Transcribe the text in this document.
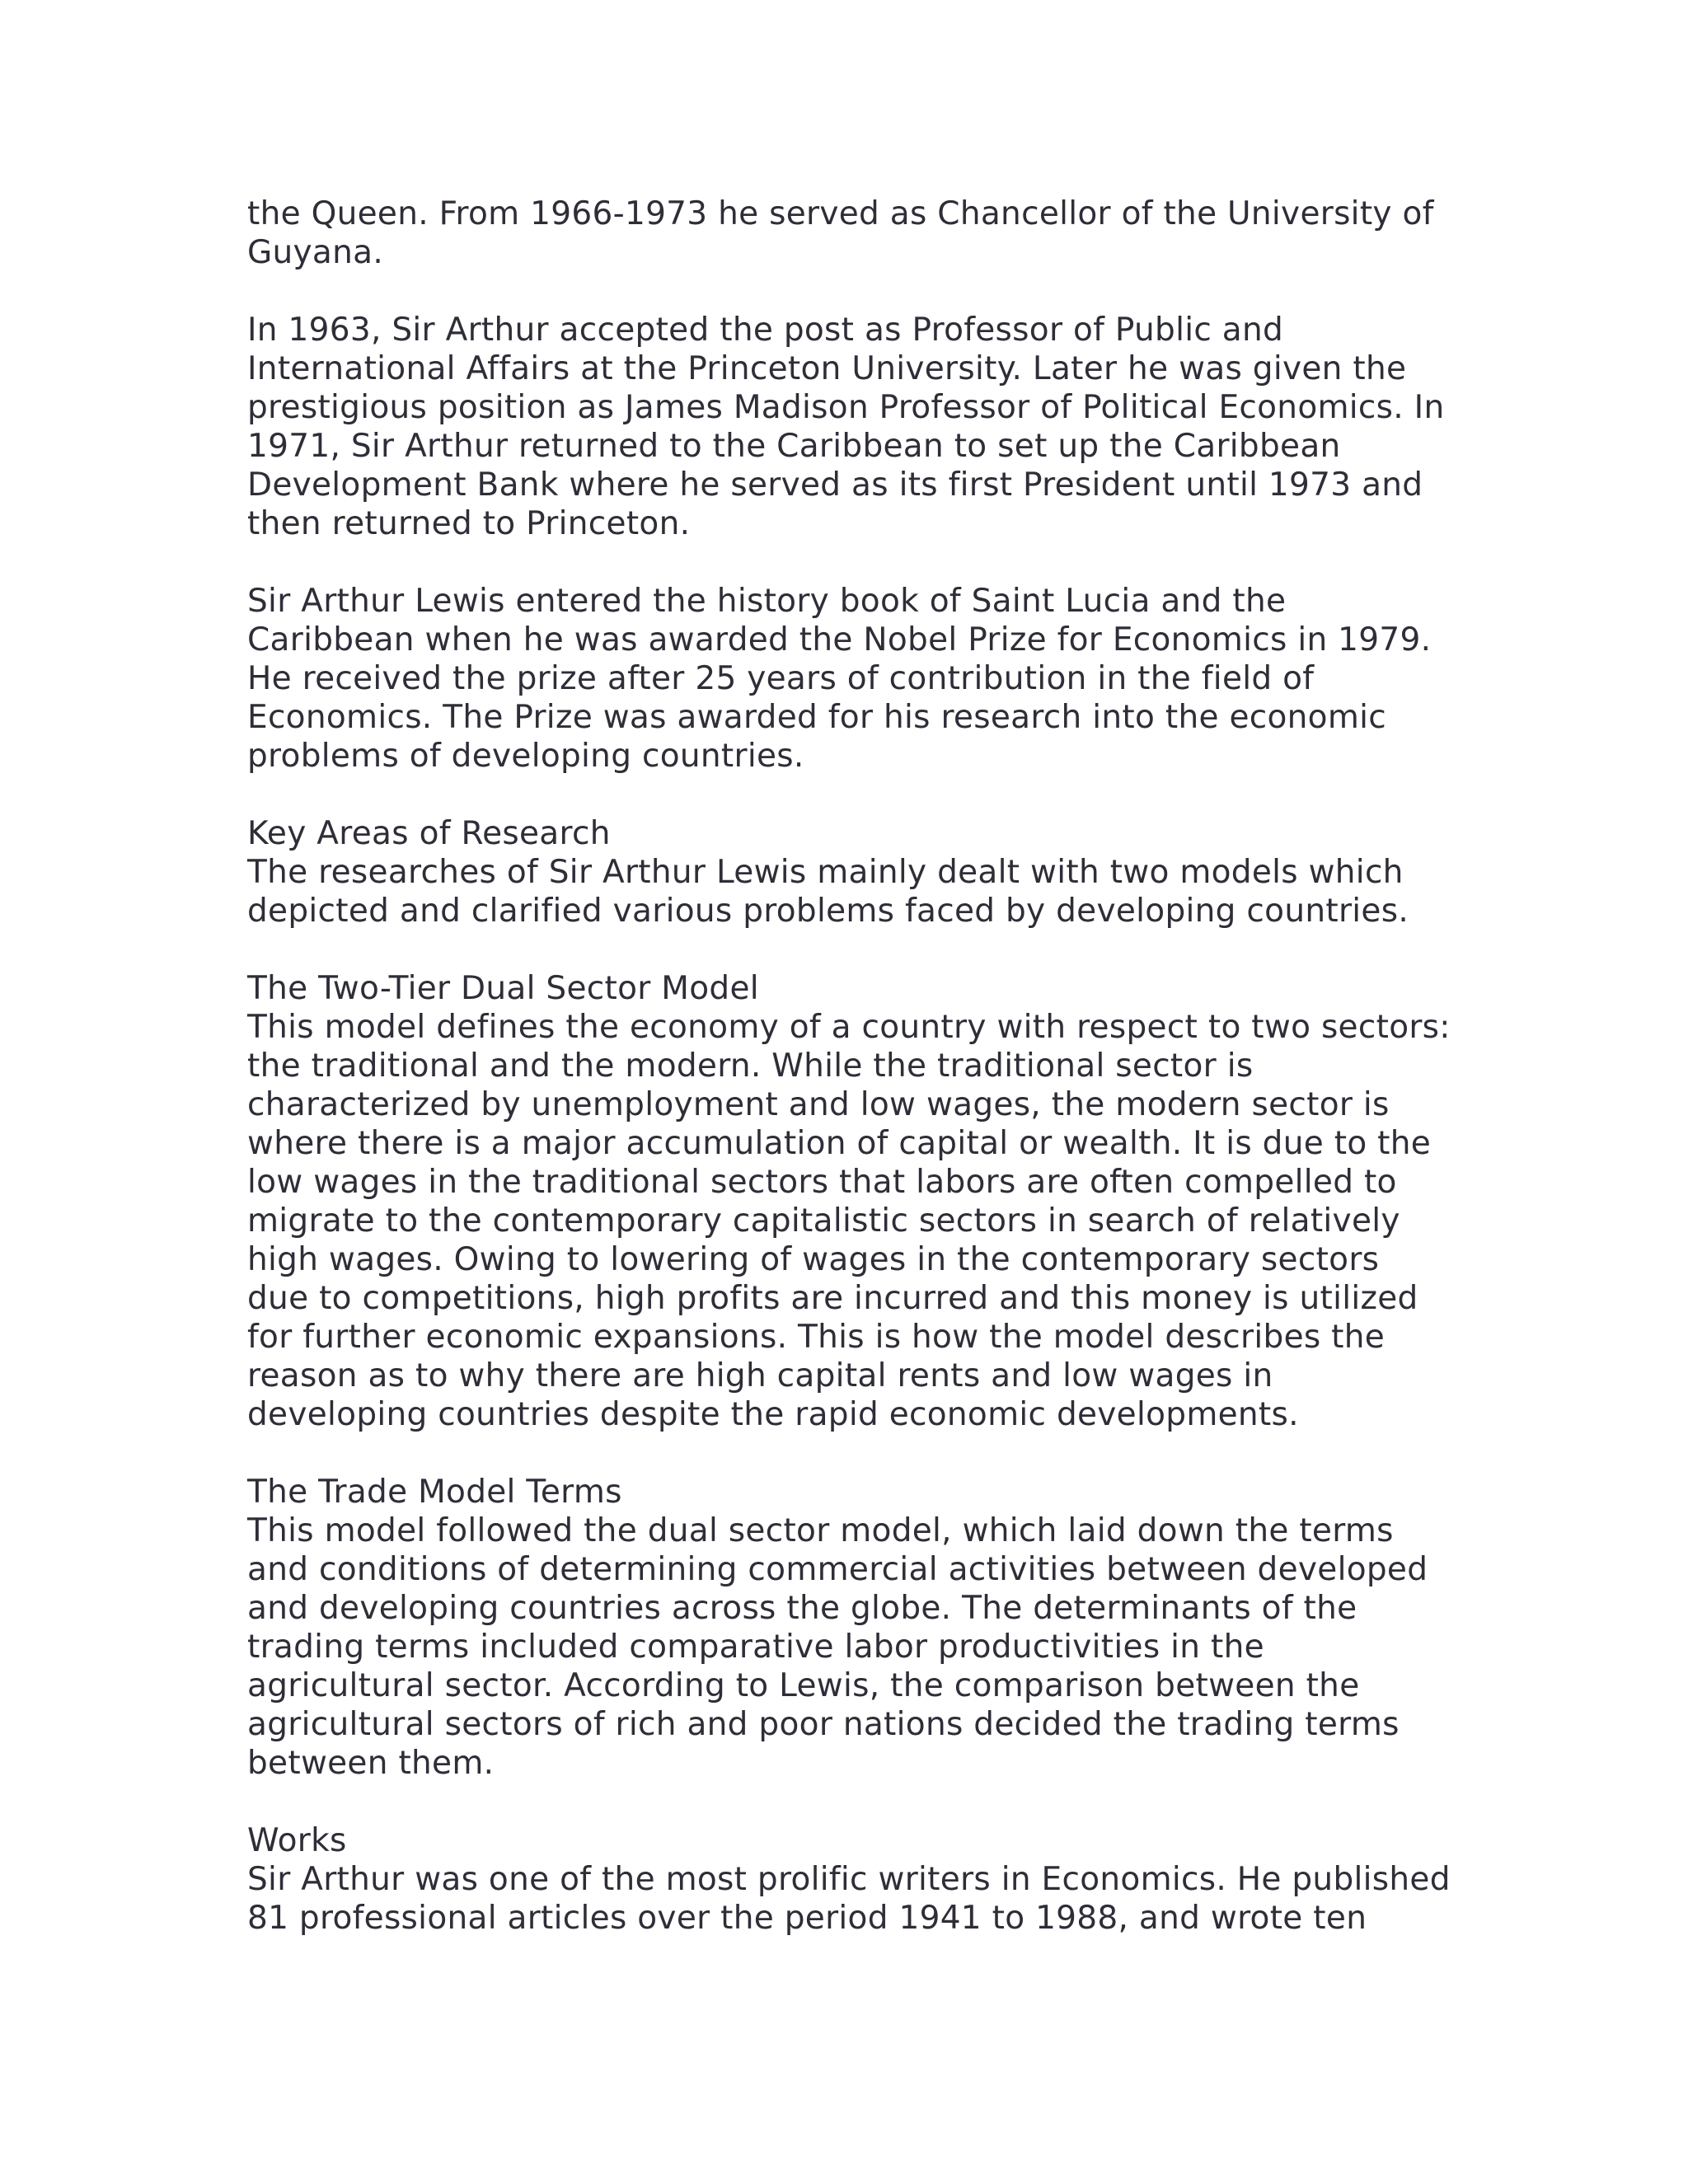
the Queen. From 1966-1973 he served as Chancellor of the University of Guyana.

In 1963, Sir Arthur accepted the post as Professor of Public and International Affairs at the Princeton University. Later he was given the prestigious position as James Madison Professor of Political Economics. In 1971, Sir Arthur returned to the Caribbean to set up the Caribbean Development Bank where he served as its first President until 1973 and then returned to Princeton.

Sir Arthur Lewis entered the history book of Saint Lucia and the Caribbean when he was awarded the Nobel Prize for Economics in 1979. He received the prize after 25 years of contribution in the field of Economics. The Prize was awarded for his research into the economic problems of developing countries.

Key Areas of Research
The researches of Sir Arthur Lewis mainly dealt with two models which depicted and clarified various problems faced by developing countries.
The Two-Tier Dual Sector Model
This model defines the economy of a country with respect to two sectors: the traditional and the modern. While the traditional sector is characterized by unemployment and low wages, the modern sector is where there is a major accumulation of capital or wealth. It is due to the low wages in the traditional sectors that labors are often compelled to migrate to the contemporary capitalistic sectors in search of relatively high wages. Owing to lowering of wages in the contemporary sectors due to competitions, high profits are incurred and this money is utilized for further economic expansions. This is how the model describes the reason as to why there are high capital rents and low wages in developing countries despite the rapid economic developments.
The Trade Model Terms
This model followed the dual sector model, which laid down the terms and conditions of determining commercial activities between developed and developing countries across the globe. The determinants of the trading terms included comparative labor productivities in the agricultural sector. According to Lewis, the comparison between the agricultural sectors of rich and poor nations decided the trading terms between them.
Works
Sir Arthur was one of the most prolific writers in Economics. He published 81 professional articles over the period 1941 to 1988, and wrote ten
